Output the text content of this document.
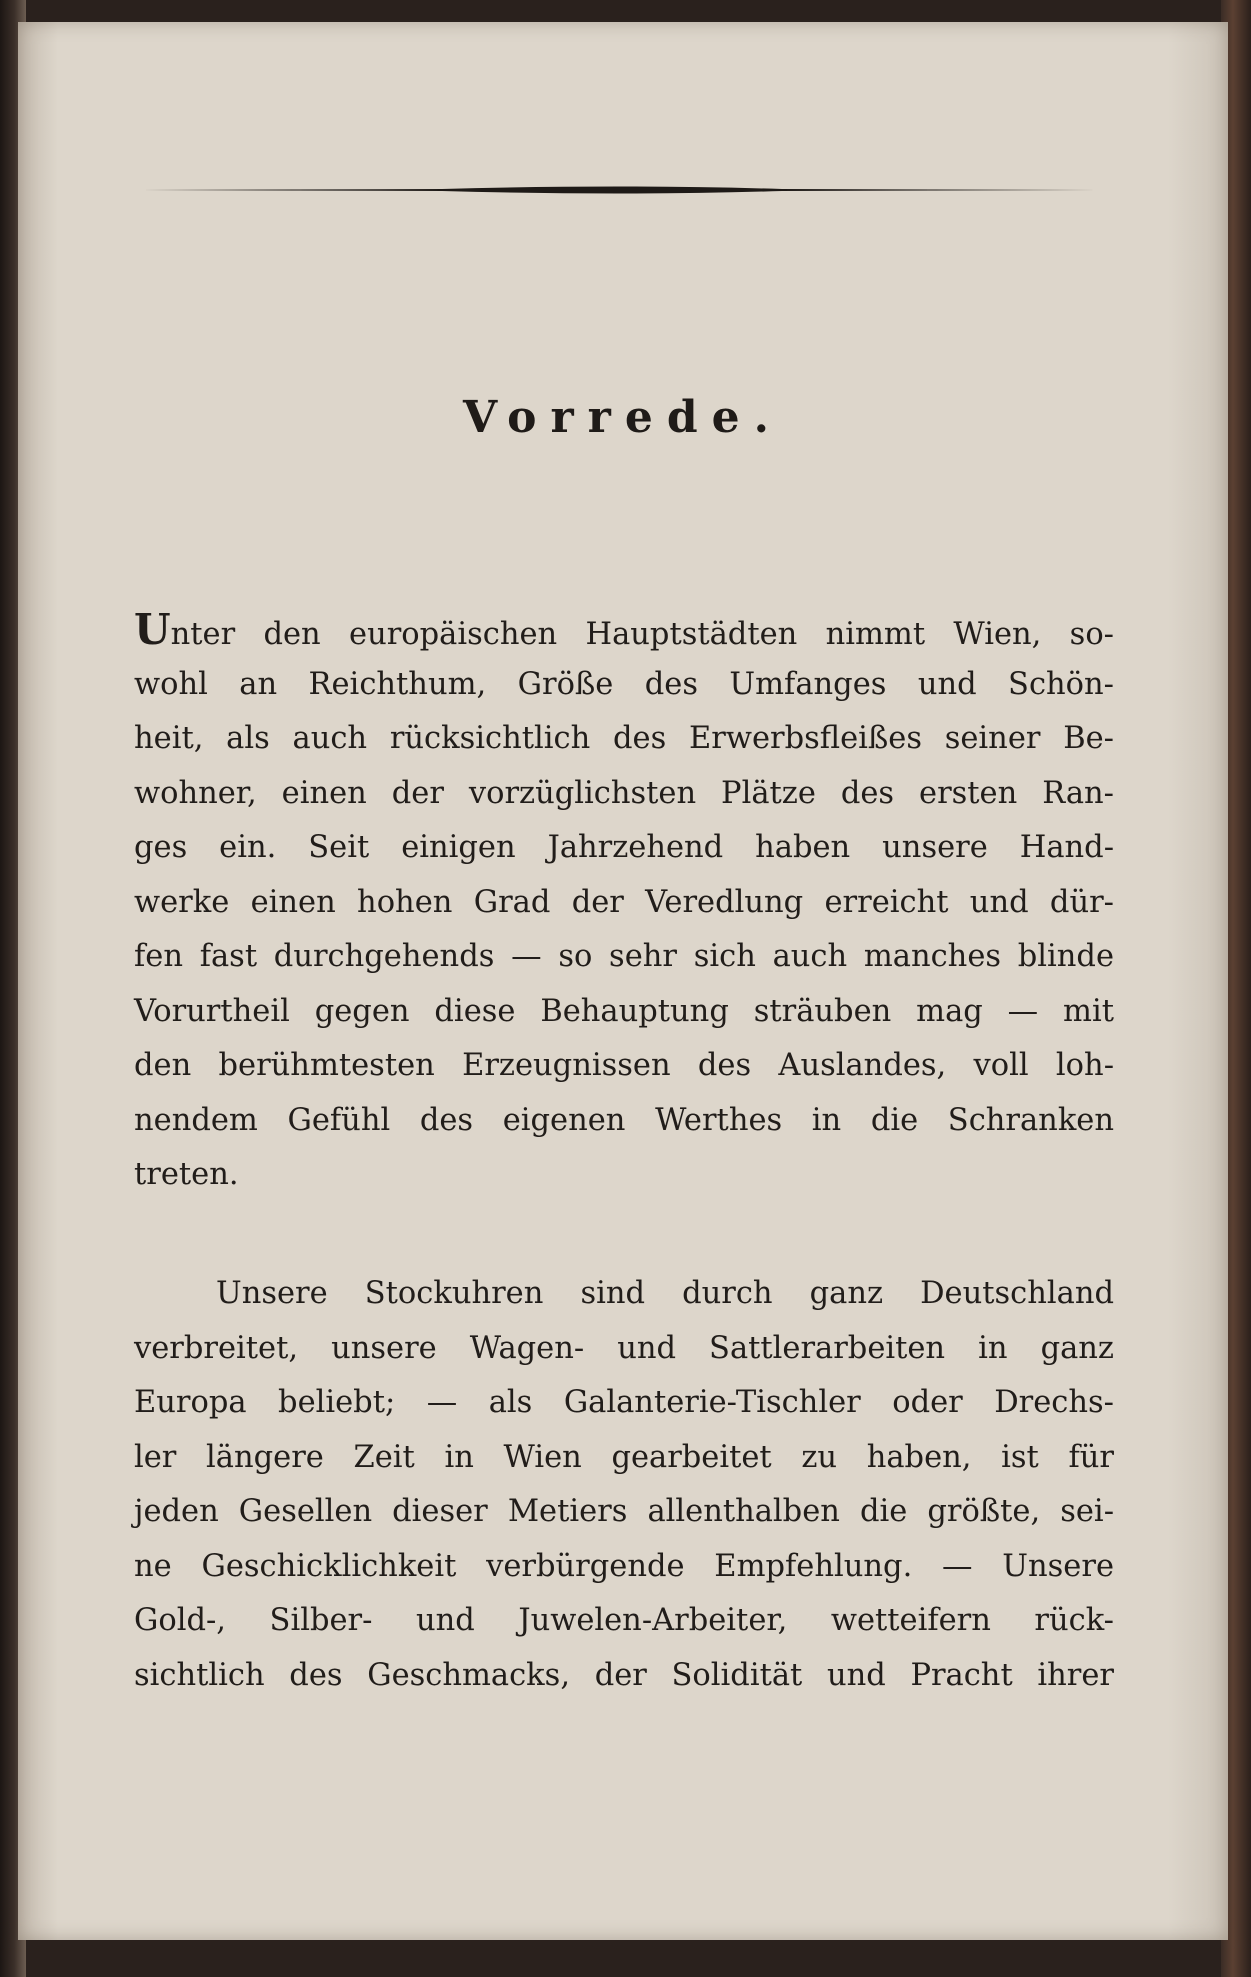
Vorrede.
Unter den europäischen Hauptstädten nimmt Wien, so-
wohl an Reichthum, Größe des Umfanges und Schön-
heit, als auch rücksichtlich des Erwerbsfleißes seiner Be-
wohner, einen der vorzüglichsten Plätze des ersten Ran-
ges ein. Seit einigen Jahrzehend haben unsere Hand-
werke einen hohen Grad der Veredlung erreicht und dür-
fen fast durchgehends — so sehr sich auch manches blinde
Vorurtheil gegen diese Behauptung sträuben mag — mit
den berühmtesten Erzeugnissen des Auslandes, voll loh-
nendem Gefühl des eigenen Werthes in die Schranken
treten.
Unsere Stockuhren sind durch ganz Deutschland
verbreitet, unsere Wagen- und Sattlerarbeiten in ganz
Europa beliebt; — als Galanterie-Tischler oder Drechs-
ler längere Zeit in Wien gearbeitet zu haben, ist für
jeden Gesellen dieser Metiers allenthalben die größte, sei-
ne Geschicklichkeit verbürgende Empfehlung. — Unsere
Gold-, Silber- und Juwelen-Arbeiter, wetteifern rück-
sichtlich des Geschmacks, der Solidität und Pracht ihrer
